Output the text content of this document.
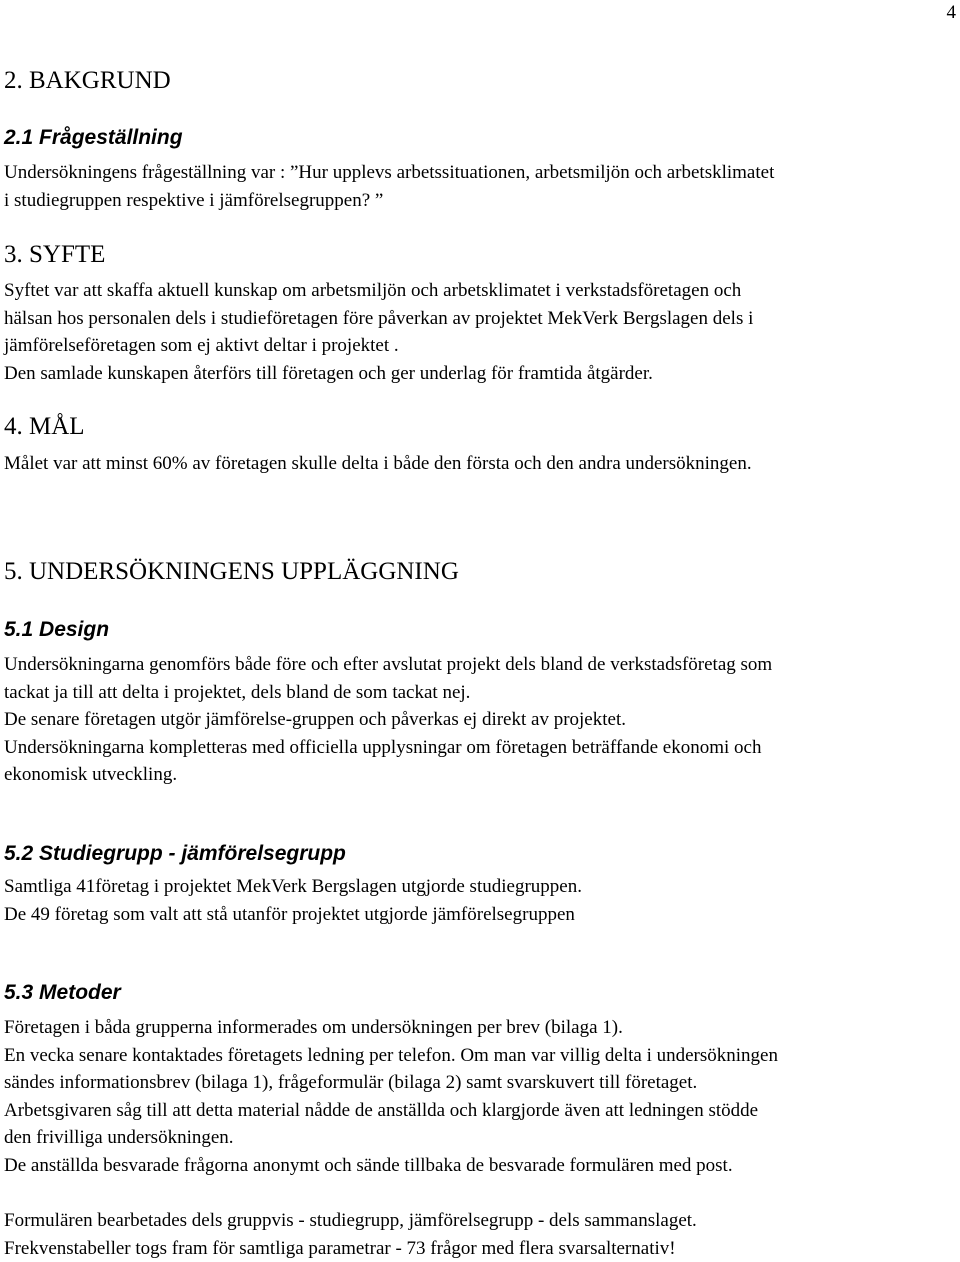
4
2. BAKGRUND
2.1 Frågeställning
Undersökningens frågeställning var : ”Hur upplevs arbetssituationen, arbetsmiljön och arbetsklimatet
i studiegruppen respektive i jämförelsegruppen? ”
3. SYFTE
Syftet var att skaffa aktuell kunskap om arbetsmiljön och arbetsklimatet i verkstadsföretagen och
hälsan hos personalen dels i studieföretagen före påverkan av projektet MekVerk Bergslagen dels i
jämförelseföretagen som ej aktivt deltar i projektet .
Den samlade kunskapen återförs till företagen och ger underlag för framtida åtgärder.
4. MÅL
Målet var att minst 60% av företagen skulle delta i både den första och den andra undersökningen.
5. UNDERSÖKNINGENS UPPLÄGGNING
5.1 Design
Undersökningarna genomförs både före och efter avslutat projekt dels bland de verkstadsföretag som
tackat ja till att delta i projektet, dels bland de som tackat nej.
De senare företagen utgör jämförelse-gruppen och påverkas ej direkt av projektet.
Undersökningarna kompletteras med officiella upplysningar om företagen beträffande ekonomi och
ekonomisk utveckling.
5.2 Studiegrupp - jämförelsegrupp
Samtliga 41företag i projektet MekVerk Bergslagen utgjorde studiegruppen.
De 49 företag som valt att stå utanför projektet utgjorde jämförelsegruppen
5.3 Metoder
Företagen i båda grupperna informerades om undersökningen per brev (bilaga 1).
En vecka senare kontaktades företagets ledning per telefon. Om man var villig delta i undersökningen
sändes informationsbrev (bilaga 1), frågeformulär (bilaga 2) samt svarskuvert till företaget.
Arbetsgivaren såg till att detta material nådde de anställda och klargjorde även att ledningen stödde
den frivilliga undersökningen.
De anställda besvarade frågorna anonymt och sände tillbaka de besvarade formulären med post.
Formulären bearbetades dels gruppvis - studiegrupp, jämförelsegrupp - dels sammanslaget.
Frekvenstabeller togs fram för samtliga parametrar - 73 frågor med flera svarsalternativ!
